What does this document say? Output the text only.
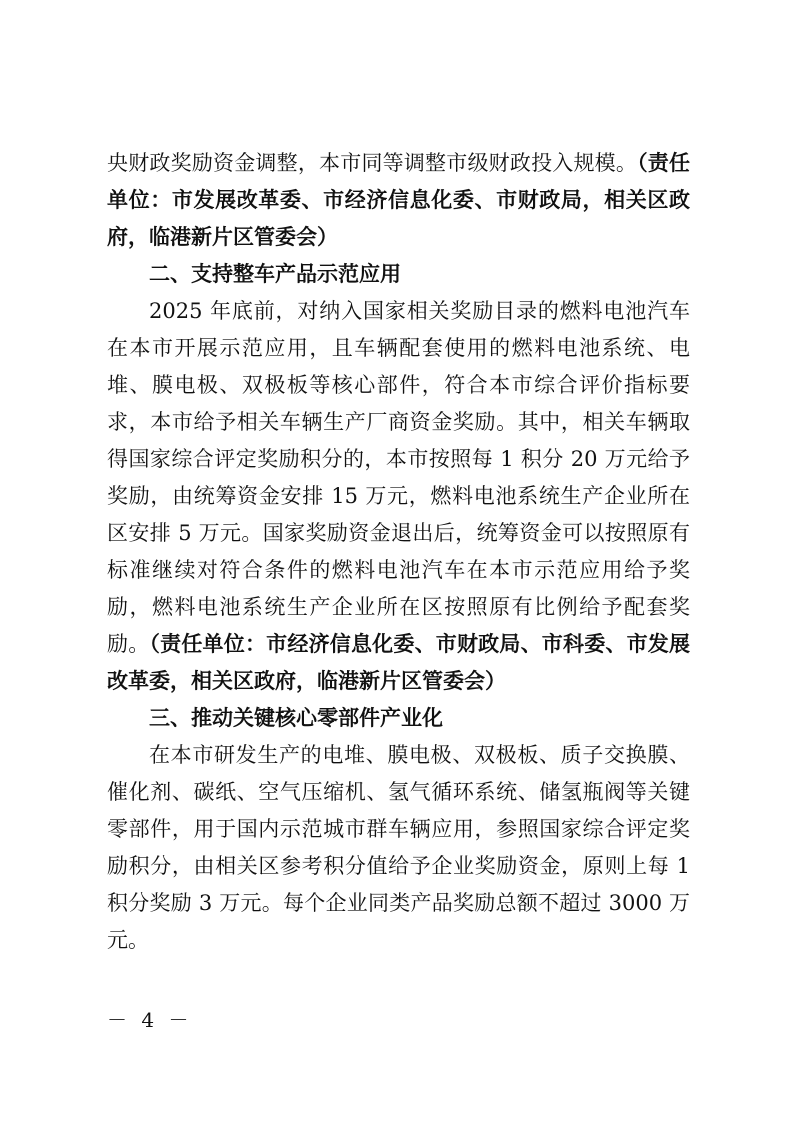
央财政奖励资金调整，本市同等调整市级财政投入规模。（责任单位：市发展改革委、市经济信息化委、市财政局，相关区政府，临港新片区管委会）

二、支持整车产品示范应用

2025 年底前，对纳入国家相关奖励目录的燃料电池汽车在本市开展示范应用，且车辆配套使用的燃料电池系统、电堆、膜电极、双极板等核心部件，符合本市综合评价指标要求，本市给予相关车辆生产厂商资金奖励。其中，相关车辆取得国家综合评定奖励积分的，本市按照每 1 积分 20 万元给予奖励，由统筹资金安排 15 万元，燃料电池系统生产企业所在区安排 5 万元。国家奖励资金退出后，统筹资金可以按照原有标准继续对符合条件的燃料电池汽车在本市示范应用给予奖励，燃料电池系统生产企业所在区按照原有比例给予配套奖励。（责任单位：市经济信息化委、市财政局、市科委、市发展改革委，相关区政府，临港新片区管委会）

三、推动关键核心零部件产业化

在本市研发生产的电堆、膜电极、双极板、质子交换膜、催化剂、碳纸、空气压缩机、氢气循环系统、储氢瓶阀等关键零部件，用于国内示范城市群车辆应用，参照国家综合评定奖励积分，由相关区参考积分值给予企业奖励资金，原则上每 1 积分奖励 3 万元。每个企业同类产品奖励总额不超过 3000 万元。

－ 4 －
